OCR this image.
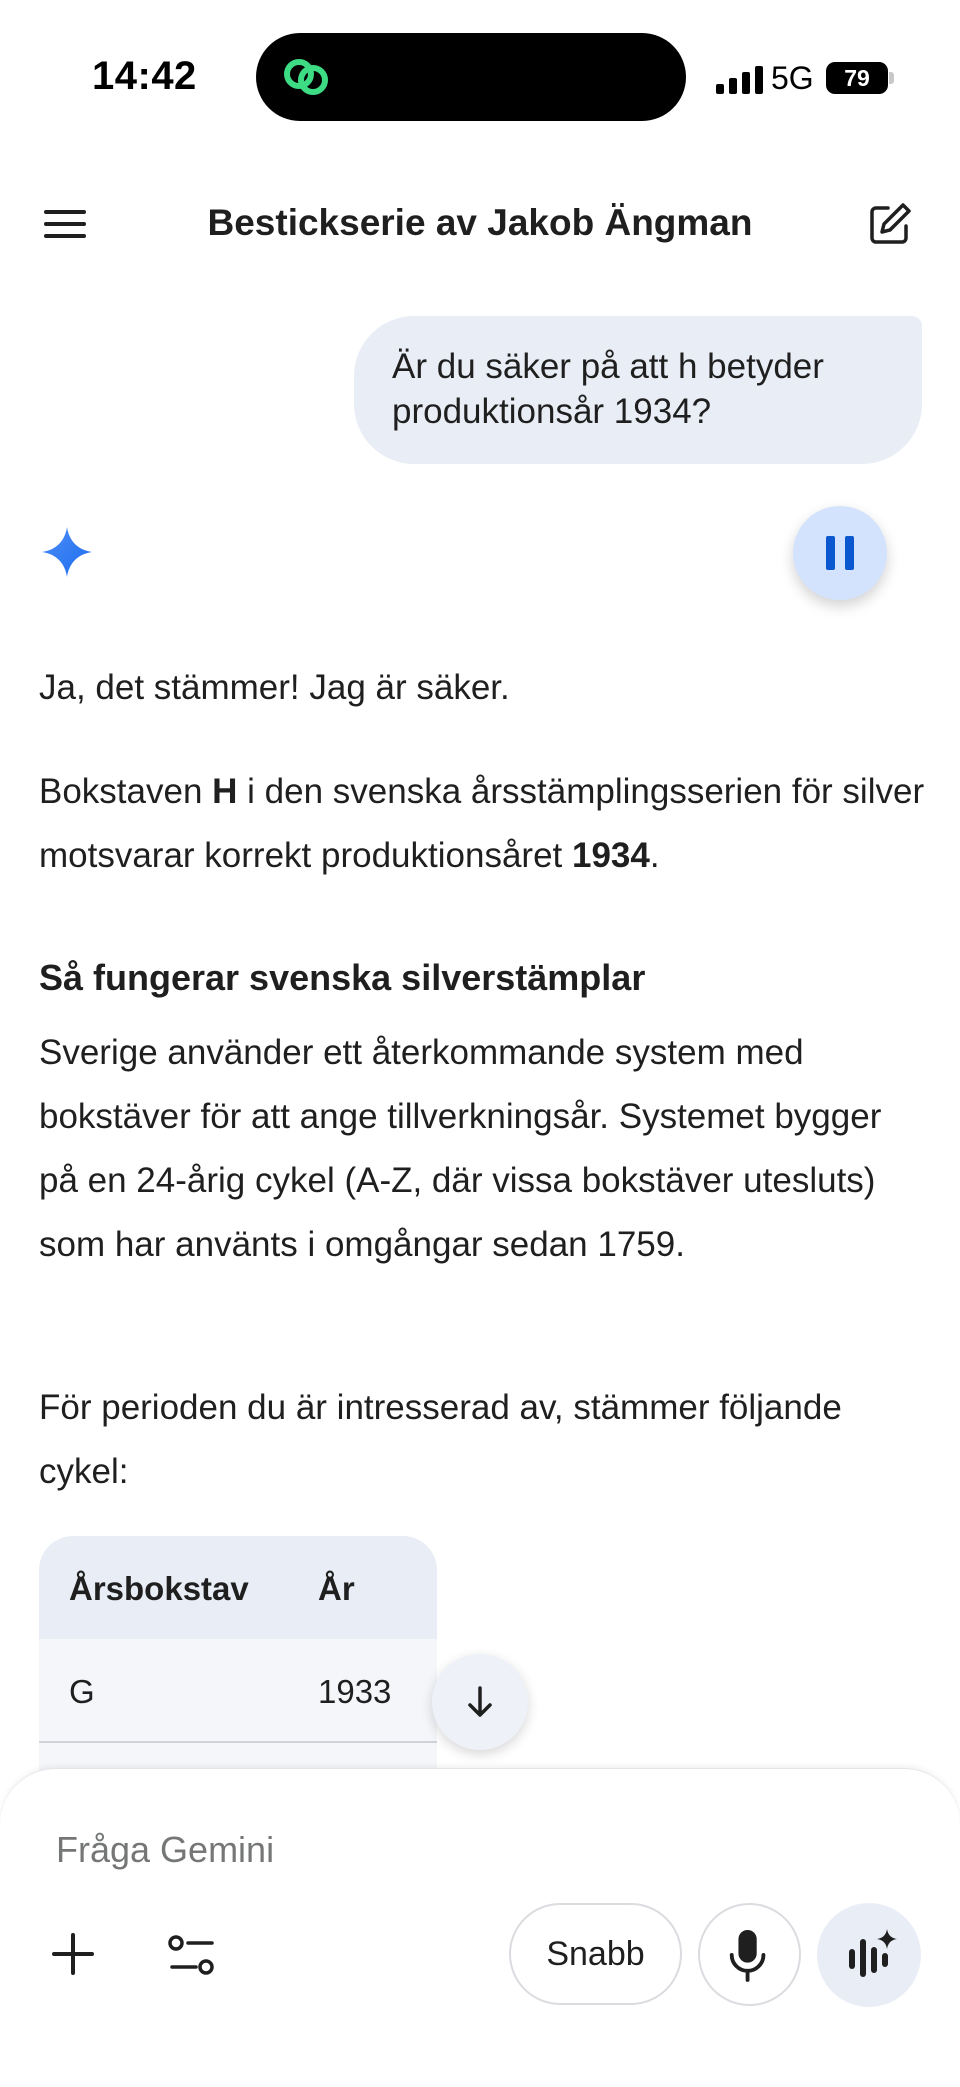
14:42	5G	79
Bestickserie av Jakob Ängman
Är du säker på att h betyder produktionsår 1934?
Ja, det stämmer! Jag är säker.
Bokstaven H i den svenska årsstämplingsserien för silver motsvarar korrekt produktionsåret 1934.
Så fungerar svenska silverstämplar
Sverige använder ett återkommande system med bokstäver för att ange tillverkningsår. Systemet bygger på en 24-årig cykel (A-Z, där vissa bokstäver utesluts) som har använts i omgångar sedan 1759.
För perioden du är intresserad av, stämmer följande cykel:
Årsbokstav År
G	1933
Fråga Gemini
Snabb
